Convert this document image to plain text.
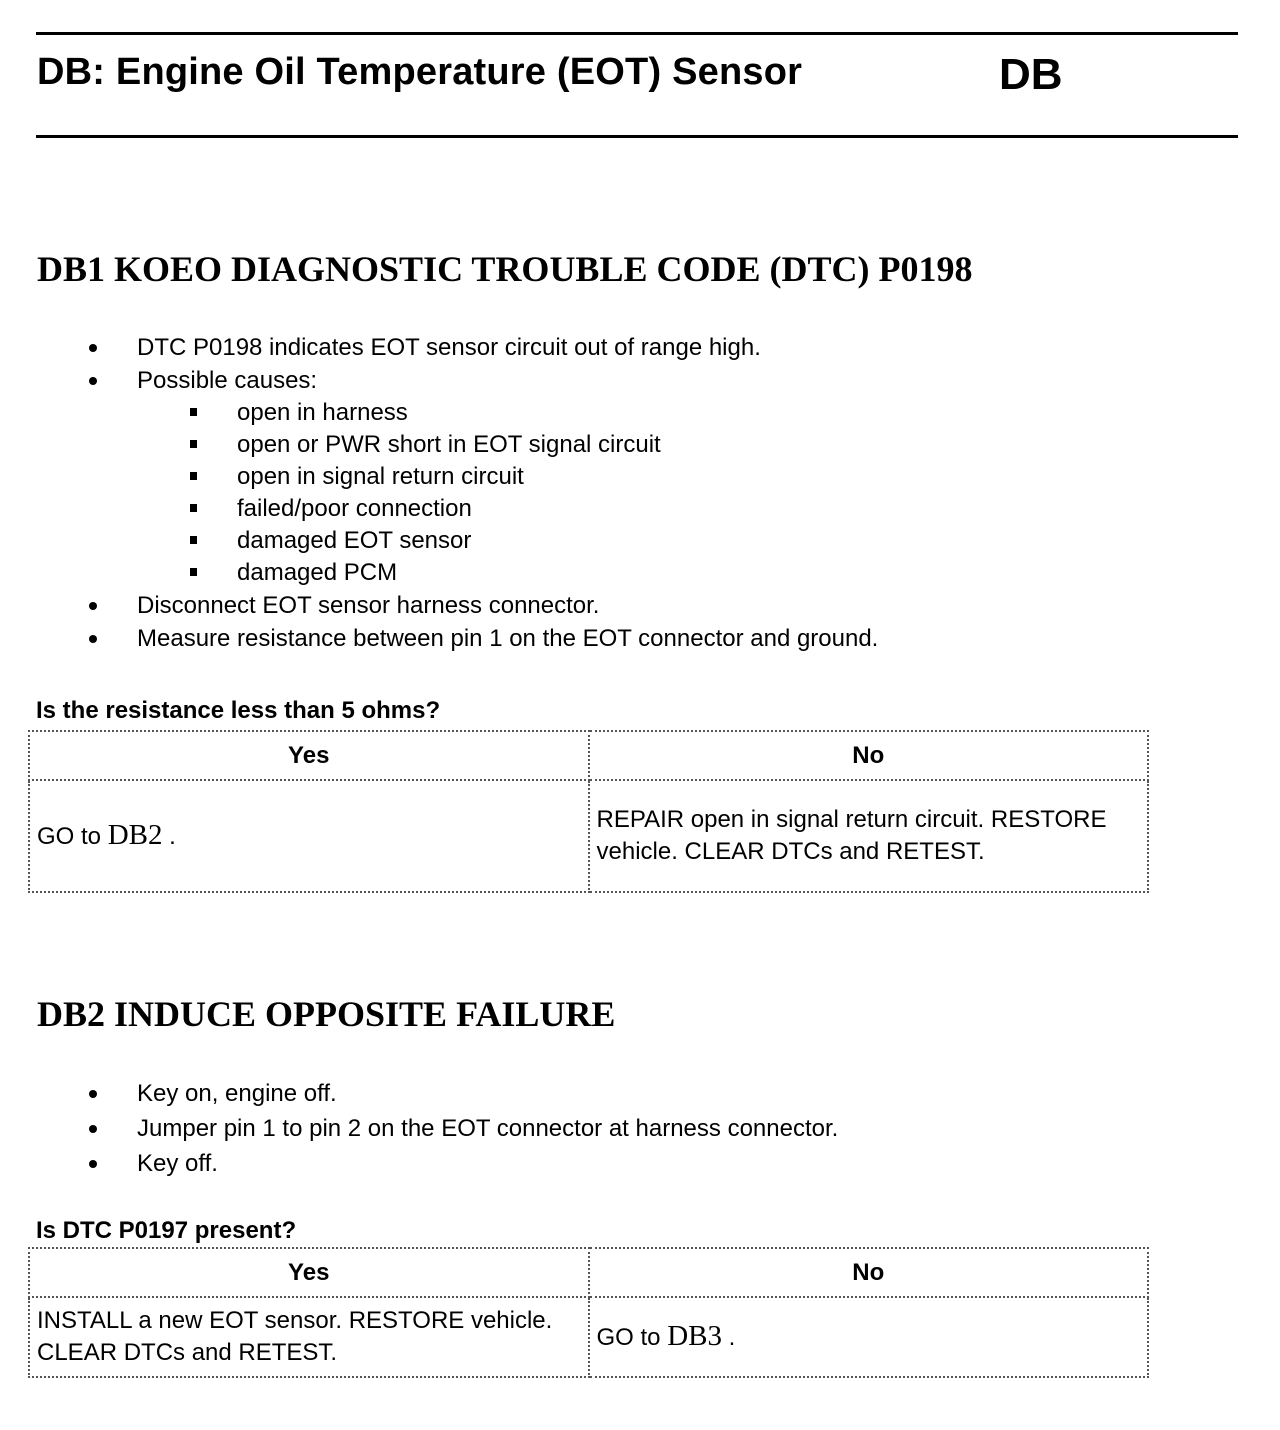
DB: Engine Oil Temperature (EOT) Sensor	DB
DB1 KOEO DIAGNOSTIC TROUBLE CODE (DTC) P0198
DTC P0198 indicates EOT sensor circuit out of range high.
Possible causes:
open in harness
open or PWR short in EOT signal circuit
open in signal return circuit
failed/poor connection
damaged EOT sensor
damaged PCM
Disconnect EOT sensor harness connector.
Measure resistance between pin 1 on the EOT connector and ground.
Is the resistance less than 5 ohms?
Yes	No
GO to DB2 .	REPAIR open in signal return circuit. RESTORE vehicle. CLEAR DTCs and RETEST.
DB2 INDUCE OPPOSITE FAILURE
Key on, engine off.
Jumper pin 1 to pin 2 on the EOT connector at harness connector.
Key off.
Is DTC P0197 present?
Yes	No
INSTALL a new EOT sensor. RESTORE vehicle. CLEAR DTCs and RETEST.	GO to DB3 .
